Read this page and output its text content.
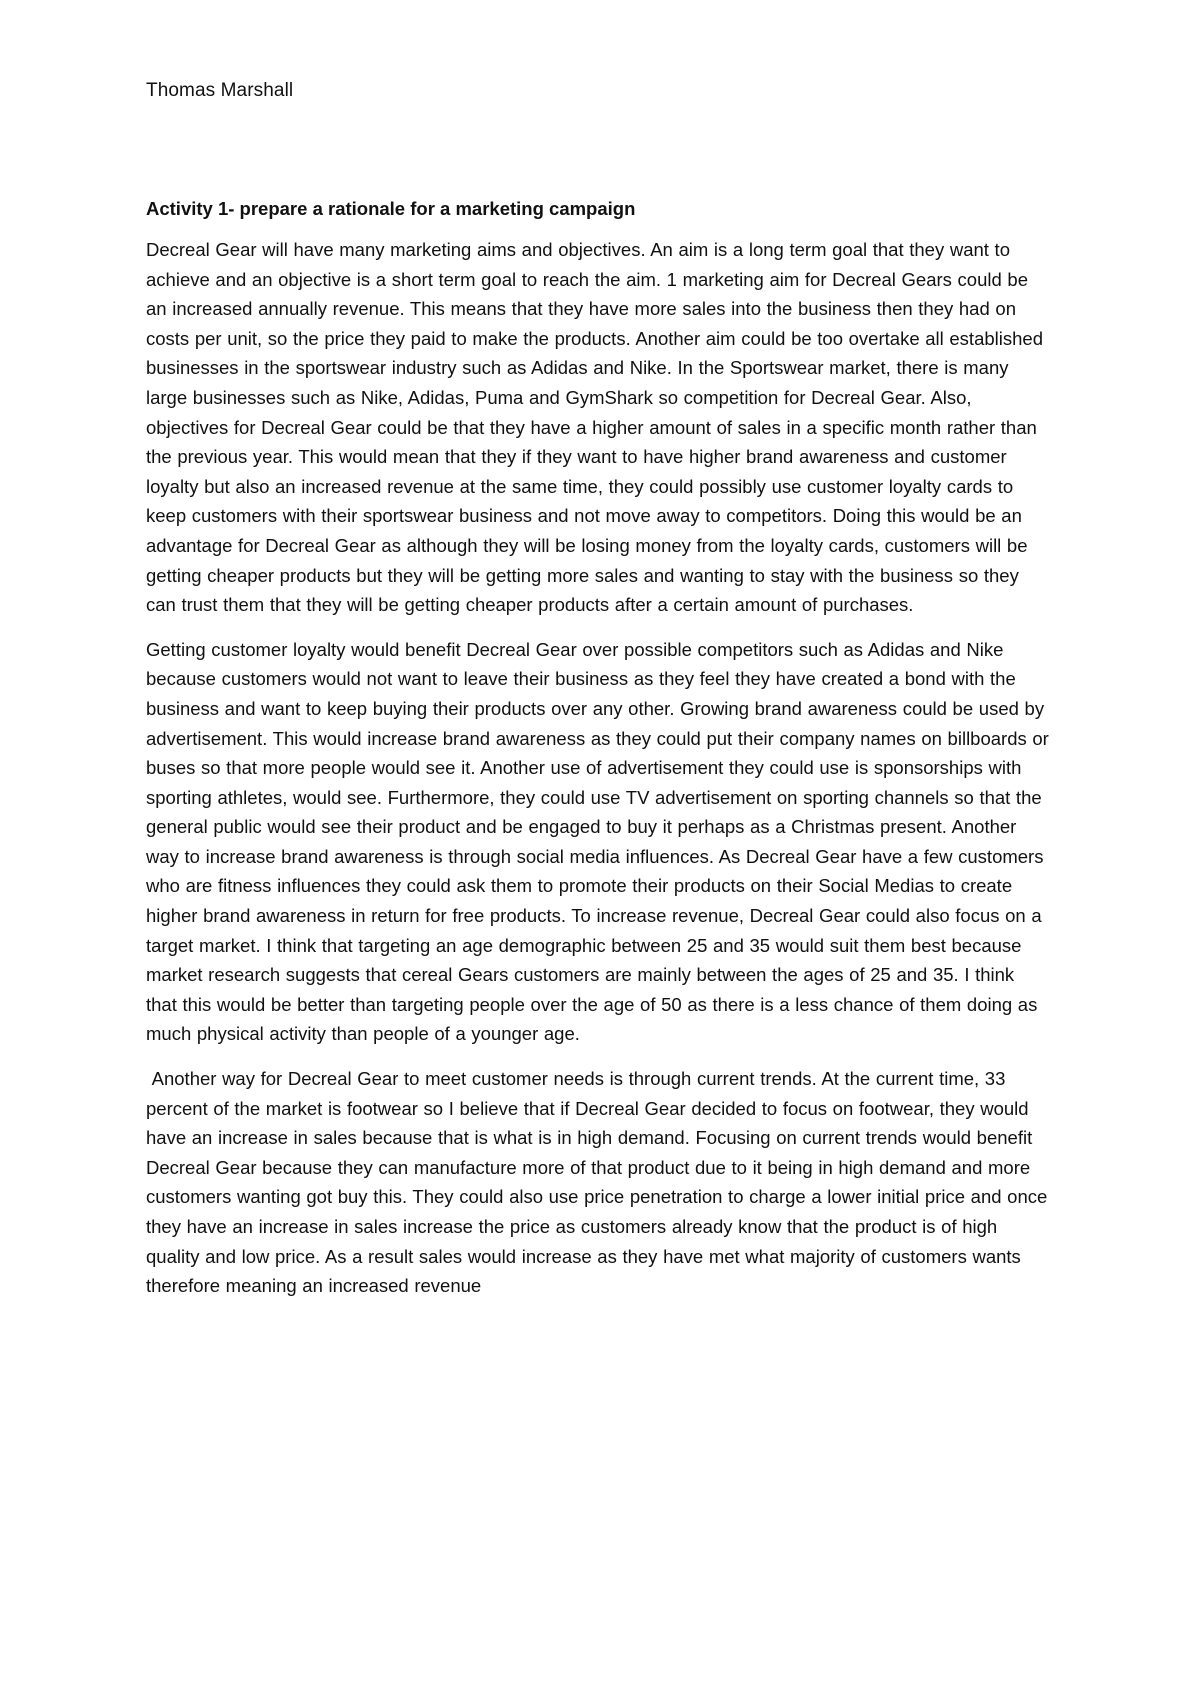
Thomas Marshall
Activity 1- prepare a rationale for a marketing campaign

Decreal Gear will have many marketing aims and objectives. An aim is a long term goal that they want to achieve and an objective is a short term goal to reach the aim. 1 marketing aim for Decreal Gears could be an increased annually revenue. This means that they have more sales into the business then they had on costs per unit, so the price they paid to make the products. Another aim could be too overtake all established businesses in the sportswear industry such as Adidas and Nike. In the Sportswear market, there is many large businesses such as Nike, Adidas, Puma and GymShark so competition for Decreal Gear. Also, objectives for Decreal Gear could be that they have a higher amount of sales in a specific month rather than the previous year. This would mean that they if they want to have higher brand awareness and customer loyalty but also an increased revenue at the same time, they could possibly use customer loyalty cards to keep customers with their sportswear business and not move away to competitors. Doing this would be an advantage for Decreal Gear as although they will be losing money from the loyalty cards, customers will be getting cheaper products but they will be getting more sales and wanting to stay with the business so they can trust them that they will be getting cheaper products after a certain amount of purchases.

Getting customer loyalty would benefit Decreal Gear over possible competitors such as Adidas and Nike because customers would not want to leave their business as they feel they have created a bond with the business and want to keep buying their products over any other. Growing brand awareness could be used by advertisement. This would increase brand awareness as they could put their company names on billboards or buses so that more people would see it. Another use of advertisement they could use is sponsorships with sporting athletes, would see. Furthermore, they could use TV advertisement on sporting channels so that the general public would see their product and be engaged to buy it perhaps as a Christmas present. Another way to increase brand awareness is through social media influences. As Decreal Gear have a few customers who are fitness influences they could ask them to promote their products on their Social Medias to create higher brand awareness in return for free products. To increase revenue, Decreal Gear could also focus on a target market. I think that targeting an age demographic between 25 and 35 would suit them best because market research suggests that cereal Gears customers are mainly between the ages of 25 and 35. I think that this would be better than targeting people over the age of 50 as there is a less chance of them doing as much physical activity than people of a younger age.

Another way for Decreal Gear to meet customer needs is through current trends. At the current time, 33 percent of the market is footwear so I believe that if Decreal Gear decided to focus on footwear, they would have an increase in sales because that is what is in high demand. Focusing on current trends would benefit Decreal Gear because they can manufacture more of that product due to it being in high demand and more customers wanting got buy this. They could also use price penetration to charge a lower initial price and once they have an increase in sales increase the price as customers already know that the product is of high quality and low price. As a result sales would increase as they have met what majority of customers wants therefore meaning an increased revenue
